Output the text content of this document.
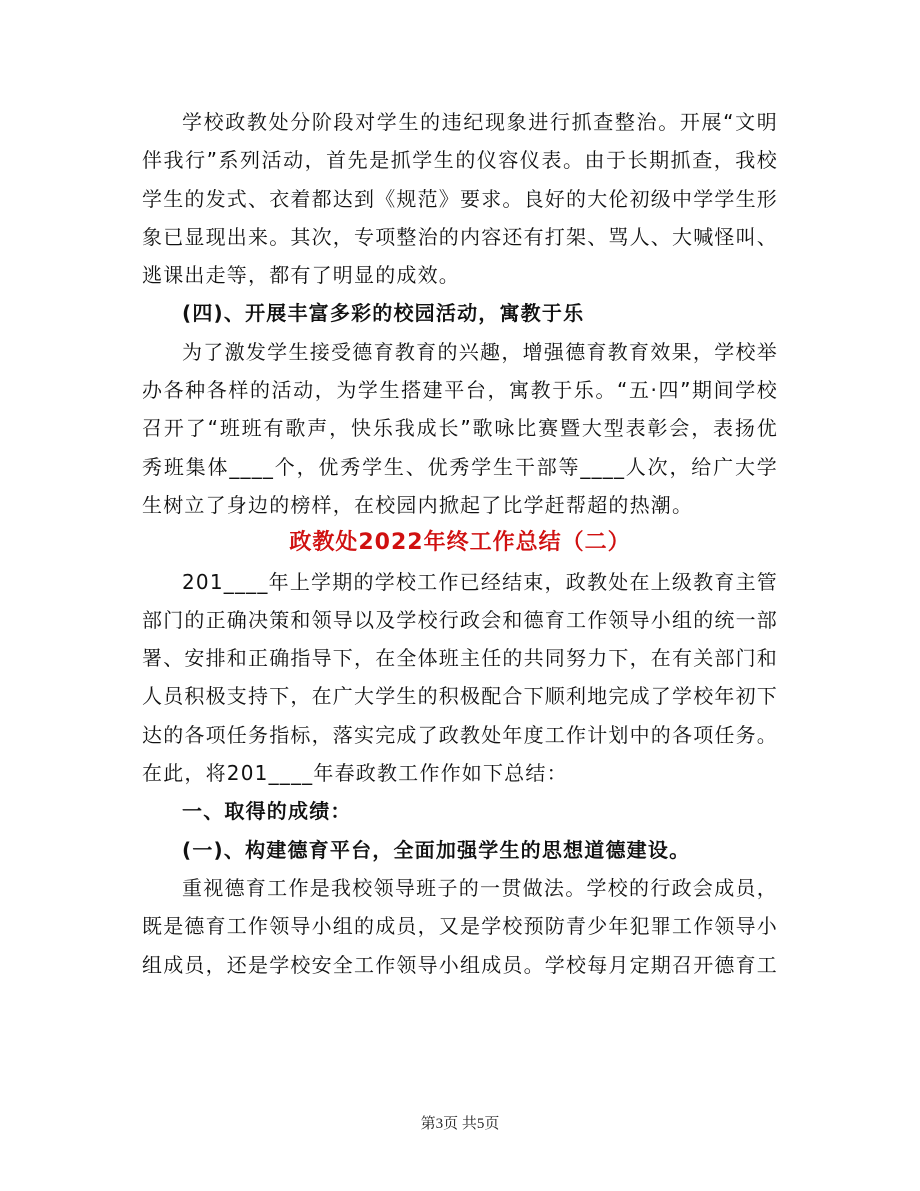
学校政教处分阶段对学生的违纪现象进行抓查整治。开展“文明伴我行”系列活动，首先是抓学生的仪容仪表。由于长期抓查，我校学生的发式、衣着都达到《规范》要求。良好的大伦初级中学学生形象已显现出来。其次，专项整治的内容还有打架、骂人、大喊怪叫、逃课出走等，都有了明显的成效。

(四)、开展丰富多彩的校园活动，寓教于乐

为了激发学生接受德育教育的兴趣，增强德育教育效果，学校举办各种各样的活动，为学生搭建平台，寓教于乐。“五·四”期间学校召开了“班班有歌声，快乐我成长”歌咏比赛暨大型表彰会，表扬优秀班集体____个，优秀学生、优秀学生干部等____人次，给广大学生树立了身边的榜样，在校园内掀起了比学赶帮超的热潮。

政教处2022年终工作总结（二）

201____年上学期的学校工作已经结束，政教处在上级教育主管部门的正确决策和领导以及学校行政会和德育工作领导小组的统一部署、安排和正确指导下，在全体班主任的共同努力下，在有关部门和人员积极支持下，在广大学生的积极配合下顺利地完成了学校年初下达的各项任务指标，落实完成了政教处年度工作计划中的各项任务。在此，将201____年春政教工作作如下总结：

一、取得的成绩：

(一)、构建德育平台，全面加强学生的思想道德建设。

重视德育工作是我校领导班子的一贯做法。学校的行政会成员，既是德育工作领导小组的成员，又是学校预防青少年犯罪工作领导小组成员，还是学校安全工作领导小组成员。学校每月定期召开德育工

第3页 共5页
